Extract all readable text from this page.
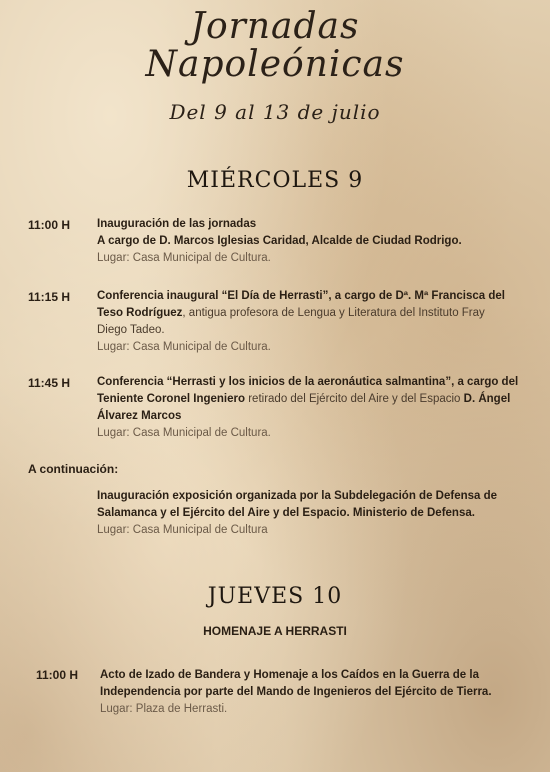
Jornadas
Napoleónicas
Del 9 al 13 de julio
MIÉRCOLES 9
11:00 H Inauguración de las jornadas
A cargo de D. Marcos Iglesias Caridad, Alcalde de Ciudad Rodrigo.
Lugar: Casa Municipal de Cultura.
11:15 H Conferencia inaugural “El Día de Herrasti”, a cargo de Dª. Mª Francisca del
Teso Rodríguez, antigua profesora de Lengua y Literatura del Instituto Fray
Diego Tadeo.
Lugar: Casa Municipal de Cultura.
11:45 H Conferencia “Herrasti y los inicios de la aeronáutica salmantina”, a cargo del
Teniente Coronel Ingeniero retirado del Ejército del Aire y del Espacio D. Ángel
Álvarez Marcos
Lugar: Casa Municipal de Cultura.
A continuación:
Inauguración exposición organizada por la Subdelegación de Defensa de
Salamanca y el Ejército del Aire y del Espacio. Ministerio de Defensa.
Lugar: Casa Municipal de Cultura
JUEVES 10
HOMENAJE A HERRASTI
11:00 H Acto de Izado de Bandera y Homenaje a los Caídos en la Guerra de la
Independencia por parte del Mando de Ingenieros del Ejército de Tierra.
Lugar: Plaza de Herrasti.
